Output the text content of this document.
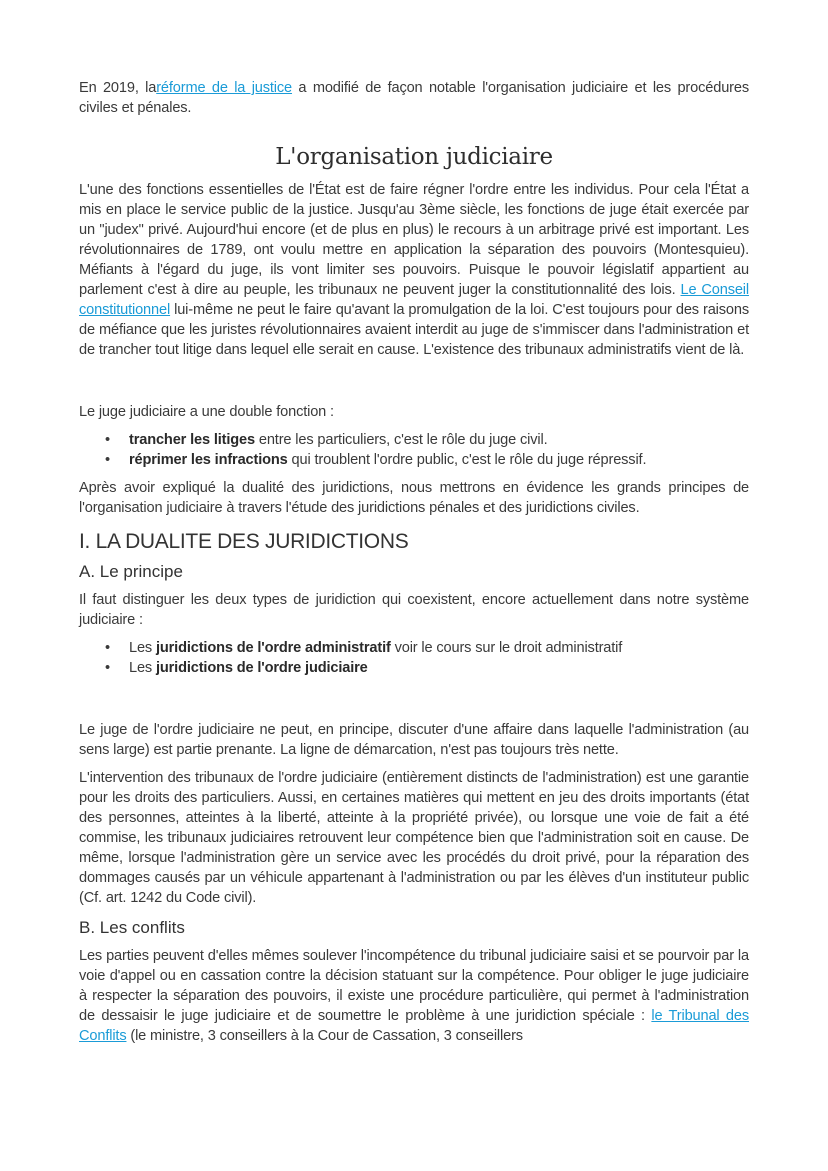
En 2019, laréforme de la justice a modifié de façon notable l'organisation judiciaire et les procédures civiles et pénales.

L'organisation judiciaire

L'une des fonctions essentielles de l'État est de faire régner l'ordre entre les individus. Pour cela l'État a mis en place le service public de la justice. Jusqu'au 3ème siècle, les fonctions de juge était exercée par un "judex" privé. Aujourd'hui encore (et de plus en plus) le recours à un arbitrage privé est important. Les révolutionnaires de 1789, ont voulu mettre en application la séparation des pouvoirs (Montesquieu). Méfiants à l'égard du juge, ils vont limiter ses pouvoirs. Puisque le pouvoir législatif appartient au parlement c'est à dire au peuple, les tribunaux ne peuvent juger la constitutionnalité des lois. Le Conseil constitutionnel lui-même ne peut le faire qu'avant la promulgation de la loi. C'est toujours pour des raisons de méfiance que les juristes révolutionnaires avaient interdit au juge de s'immiscer dans l'administration et de trancher tout litige dans lequel elle serait en cause. L'existence des tribunaux administratifs vient de là.

Le juge judiciaire a une double fonction :

• trancher les litiges entre les particuliers, c'est le rôle du juge civil.
• réprimer les infractions qui troublent l'ordre public, c'est le rôle du juge répressif.

Après avoir expliqué la dualité des juridictions, nous mettrons en évidence les grands principes de l'organisation judiciaire à travers l'étude des juridictions pénales et des juridictions civiles.

I. LA DUALITE DES JURIDICTIONS
A. Le principe

Il faut distinguer les deux types de juridiction qui coexistent, encore actuellement dans notre système judiciaire :

• Les juridictions de l'ordre administratif voir le cours sur le droit administratif
• Les juridictions de l'ordre judiciaire

Le juge de l'ordre judiciaire ne peut, en principe, discuter d'une affaire dans laquelle l'administration (au sens large) est partie prenante. La ligne de démarcation, n'est pas toujours très nette.

L'intervention des tribunaux de l'ordre judiciaire (entièrement distincts de l'administration) est une garantie pour les droits des particuliers. Aussi, en certaines matières qui mettent en jeu des droits importants (état des personnes, atteintes à la liberté, atteinte à la propriété privée), ou lorsque une voie de fait a été commise, les tribunaux judiciaires retrouvent leur compétence bien que l'administration soit en cause. De même, lorsque l'administration gère un service avec les procédés du droit privé, pour la réparation des dommages causés par un véhicule appartenant à l'administration ou par les élèves d'un instituteur public (Cf. art. 1242 du Code civil).

B. Les conflits

Les parties peuvent d'elles mêmes soulever l'incompétence du tribunal judiciaire saisi et se pourvoir par la voie d'appel ou en cassation contre la décision statuant sur la compétence. Pour obliger le juge judiciaire à respecter la séparation des pouvoirs, il existe une procédure particulière, qui permet à l'administration de dessaisir le juge judiciaire et de soumettre le problème à une juridiction spéciale : le Tribunal des Conflits (le ministre, 3 conseillers à la Cour de Cassation, 3 conseillers
